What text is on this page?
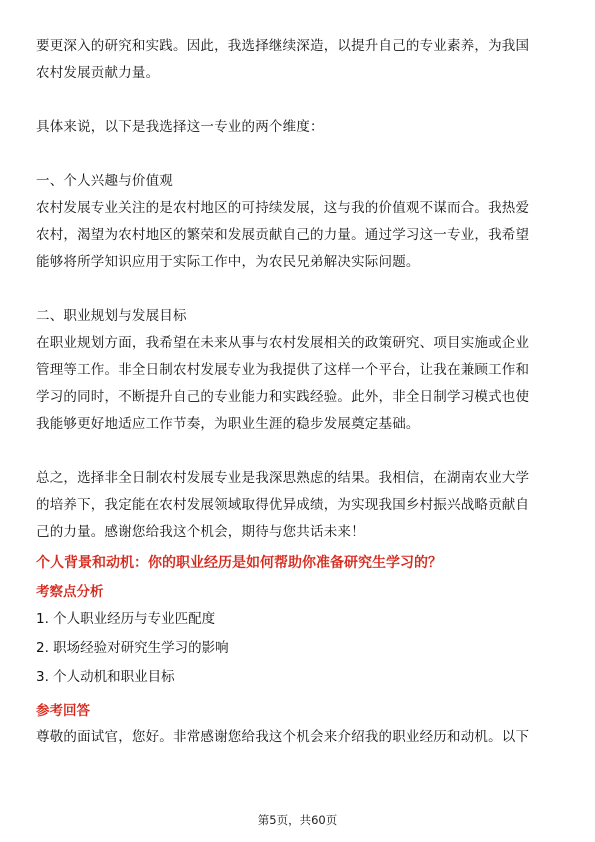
要更深入的研究和实践。因此，我选择继续深造，以提升自己的专业素养，为我国

农村发展贡献力量。

具体来说，以下是我选择这一专业的两个维度：

一、个人兴趣与价值观

农村发展专业关注的是农村地区的可持续发展，这与我的价值观不谋而合。我热爱

农村，渴望为农村地区的繁荣和发展贡献自己的力量。通过学习这一专业，我希望

能够将所学知识应用于实际工作中，为农民兄弟解决实际问题。

二、职业规划与发展目标

在职业规划方面，我希望在未来从事与农村发展相关的政策研究、项目实施或企业

管理等工作。非全日制农村发展专业为我提供了这样一个平台，让我在兼顾工作和

学习的同时，不断提升自己的专业能力和实践经验。此外，非全日制学习模式也使

我能够更好地适应工作节奏，为职业生涯的稳步发展奠定基础。

总之，选择非全日制农村发展专业是我深思熟虑的结果。我相信，在湖南农业大学

的培养下，我定能在农村发展领域取得优异成绩，为实现我国乡村振兴战略贡献自

己的力量。感谢您给我这个机会，期待与您共话未来！

个人背景和动机：你的职业经历是如何帮助你准备研究生学习的？
考察点分析
1. 个人职业经历与专业匹配度
2. 职场经验对研究生学习的影响
3. 个人动机和职业目标
参考回答

尊敬的面试官，您好。非常感谢您给我这个机会来介绍我的职业经历和动机。以下

第5页，共60页
